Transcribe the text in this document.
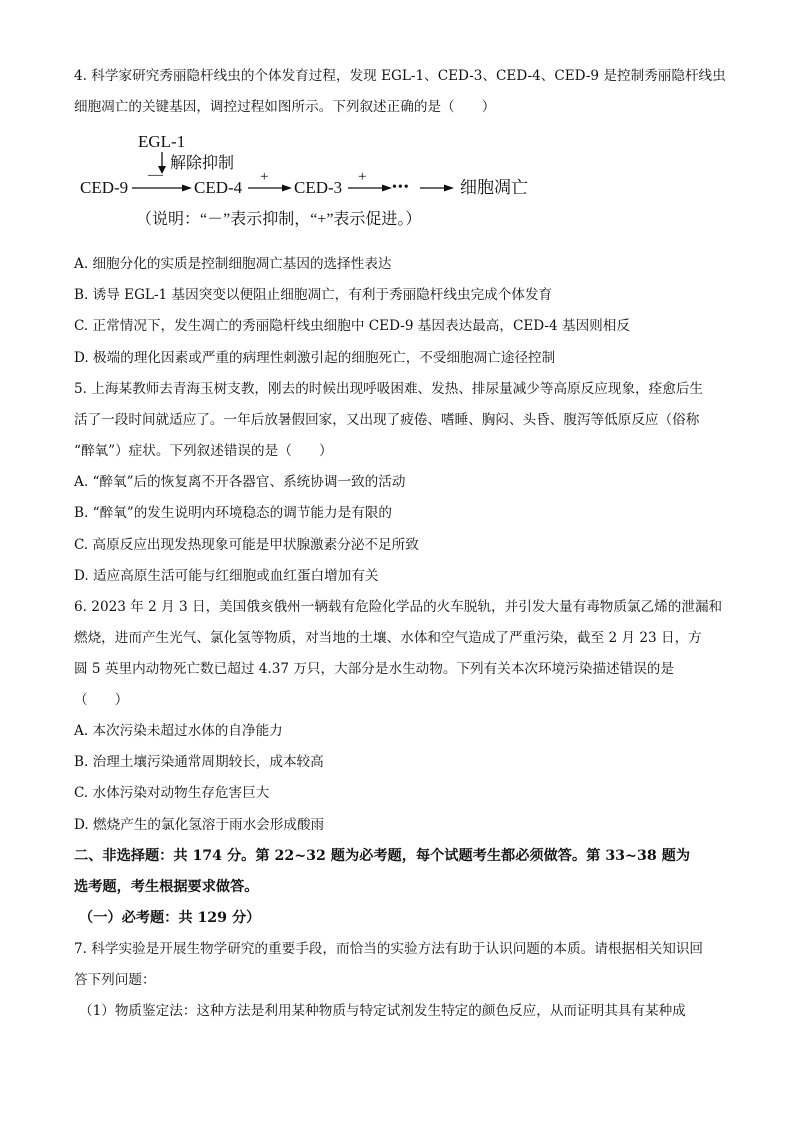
4. 科学家研究秀丽隐杆线虫的个体发育过程，发现 EGL-1、CED-3、CED-4、CED-9 是控制秀丽隐杆线虫
细胞凋亡的关键基因，调控过程如图所示。下列叙述正确的是（　　）
EGL-1
解除抑制
CED-9
—
CED-4
+
CED-3
+
•••	细胞凋亡
（说明：“－”表示抑制，“+”表示促进。）
A. 细胞分化的实质是控制细胞凋亡基因的选择性表达
B. 诱导 EGL-1 基因突变以便阻止细胞凋亡，有利于秀丽隐杆线虫完成个体发育
C. 正常情况下，发生凋亡的秀丽隐杆线虫细胞中 CED-9 基因表达最高，CED-4 基因则相反
D. 极端的理化因素或严重的病理性刺激引起的细胞死亡，不受细胞凋亡途径控制
5. 上海某教师去青海玉树支教，刚去的时候出现呼吸困难、发热、排尿量减少等高原反应现象，痊愈后生
活了一段时间就适应了。一年后放暑假回家，又出现了疲倦、嗜睡、胸闷、头昏、腹泻等低原反应（俗称
“醉氧”）症状。下列叙述错误的是（　　）
A. “醉氧”后的恢复离不开各器官、系统协调一致的活动
B. “醉氧”的发生说明内环境稳态的调节能力是有限的
C. 高原反应出现发热现象可能是甲状腺激素分泌不足所致
D. 适应高原生活可能与红细胞或血红蛋白增加有关
6. 2023 年 2 月 3 日，美国俄亥俄州一辆载有危险化学品的火车脱轨，并引发大量有毒物质氯乙烯的泄漏和
燃烧，进而产生光气、氯化氢等物质，对当地的土壤、水体和空气造成了严重污染，截至 2 月 23 日，方
圆 5 英里内动物死亡数已超过 4.37 万只，大部分是水生动物。下列有关本次环境污染描述错误的是
（　　）
A. 本次污染未超过水体的自净能力
B. 治理土壤污染通常周期较长，成本较高
C. 水体污染对动物生存危害巨大
D. 燃烧产生的氯化氢溶于雨水会形成酸雨
二、非选择题：共 174 分。第 22~32 题为必考题，每个试题考生都必须做答。第 33~38 题为
选考题，考生根据要求做答。
（一）必考题：共 129 分）
7. 科学实验是开展生物学研究的重要手段，而恰当的实验方法有助于认识问题的本质。请根据相关知识回
答下列问题：
（1）物质鉴定法：这种方法是利用某种物质与特定试剂发生特定的颜色反应，从而证明其具有某种成
